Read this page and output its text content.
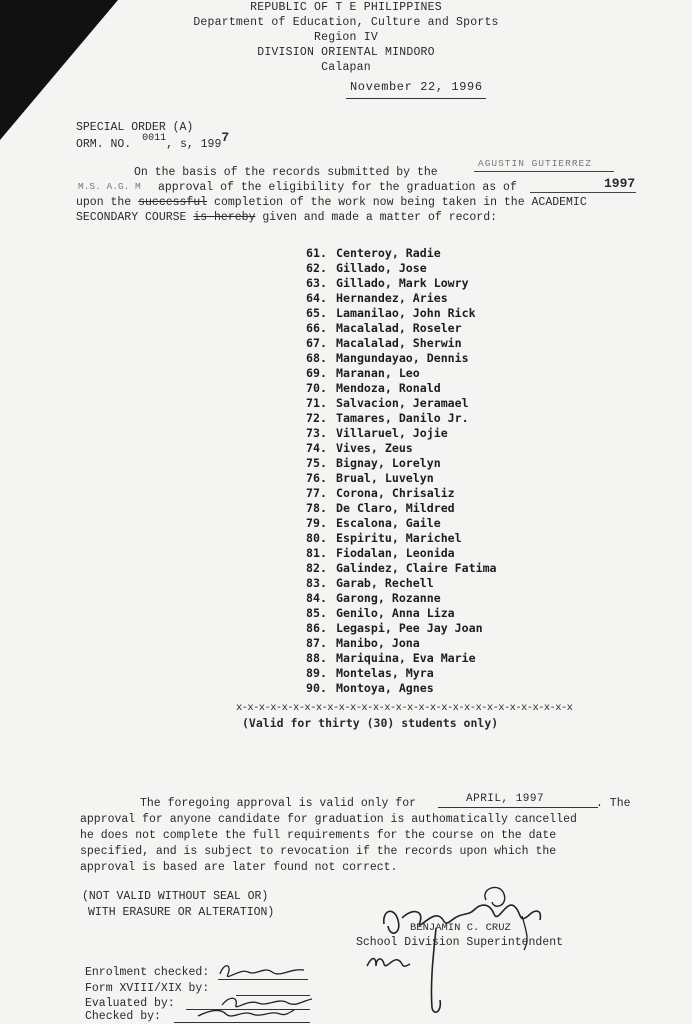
REPUBLIC OF T E PHILIPPINES
Department of Education, Culture and Sports
Region IV
DIVISION ORIENTAL MINDORO
Calapan
November 22, 1996
SPECIAL ORDER (A)
ORM. NO. 0011, s, 1997
On the basis of the records submitted by the
AGUSTIN GUTIERREZ
M.S. A.G. M approval of the eligibility for the graduation as of	1997
upon the successful completion of the work now being taken in the ACADEMIC
SECONDARY COURSE is hereby given and made a matter of record:
61. Centeroy, Radie
62. Gillado, Jose
63. Gillado, Mark Lowry
64. Hernandez, Aries
65. Lamanilao, John Rick
66. Macalalad, Roseler
67. Macalalad, Sherwin
68. Mangundayao, Dennis
69. Maranan, Leo
70. Mendoza, Ronald
71. Salvacion, Jeramael
72. Tamares, Danilo Jr.
73. Villaruel, Jojie
74. Vives, Zeus
75. Bignay, Lorelyn
76. Brual, Luvelyn
77. Corona, Chrisaliz
78. De Claro, Mildred
79. Escalona, Gaile
80. Espiritu, Marichel
81. Fiodalan, Leonida
82. Galindez, Claire Fatima
83. Garab, Rechell
84. Garong, Rozanne
85. Genilo, Anna Liza
86. Legaspi, Pee Jay Joan
87. Manibo, Jona
88. Mariquina, Eva Marie
89. Montelas, Myra
90. Montoya, Agnes
x-x-x-x-x-x-x-x-x-x-x-x-x-x-x-x-x-x-x-x-x-x-x-x-x-x-x-x-x-x
(Valid for thirty (30) students only)
The foregoing approval is valid only for	APRIL, 1997	. The
approval for anyone candidate for graduation is authomatically cancelled
he does not complete the full requirements for the course on the date
specified, and is subject to revocation if the records upon which the
approval is based are later found not correct.
(NOT VALID WITHOUT SEAL OR)
WITH ERASURE OR ALTERATION)
BENJAMIN C. CRUZ
School Division Superintendent
Enrolment checked:
Form XVIII/XIX by:
Evaluated by:
Checked by:
